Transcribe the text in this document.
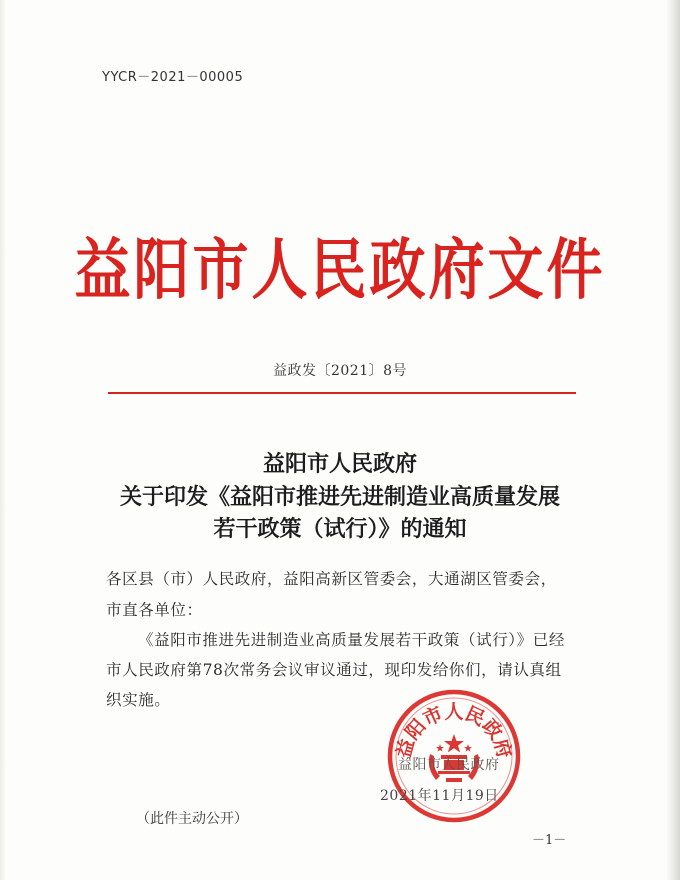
YYCR－2021－00005
益阳市人民政府文件
益政发〔2021〕8号
益阳市人民政府
关于印发《益阳市推进先进制造业高质量发展
若干政策（试行）》的通知
各区县（市）人民政府，益阳高新区管委会，大通湖区管委会，
市直各单位：
《益阳市推进先进制造业高质量发展若干政策（试行）》已经
市人民政府第78次常务会议审议通过，现印发给你们，请认真组
织实施。
益阳市人民政府
益阳市人民政府
2021年11月19日
（此件主动公开）
－1－
